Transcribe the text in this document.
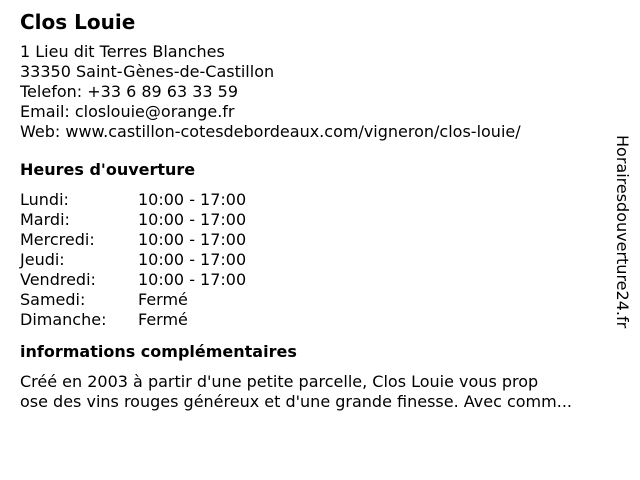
Clos Louie
1 Lieu dit Terres Blanches
33350 Saint-Gènes-de-Castillon
Telefon: +33 6 89 63 33 59
Email: closlouie@orange.fr
Web: www.castillon-cotesdebordeaux.com/vigneron/clos-louie/
Heures d'ouverture
Lundi:	10:00 - 17:00
Mardi:	10:00 - 17:00
Mercredi:	10:00 - 17:00
Jeudi:	10:00 - 17:00
Vendredi:	10:00 - 17:00
Samedi:	Fermé
Dimanche:	Fermé
informations complémentaires
Créé en 2003 à partir d'une petite parcelle, Clos Louie vous prop
ose des vins rouges généreux et d'une grande finesse. Avec comm...
Horairesdouverture24.fr
